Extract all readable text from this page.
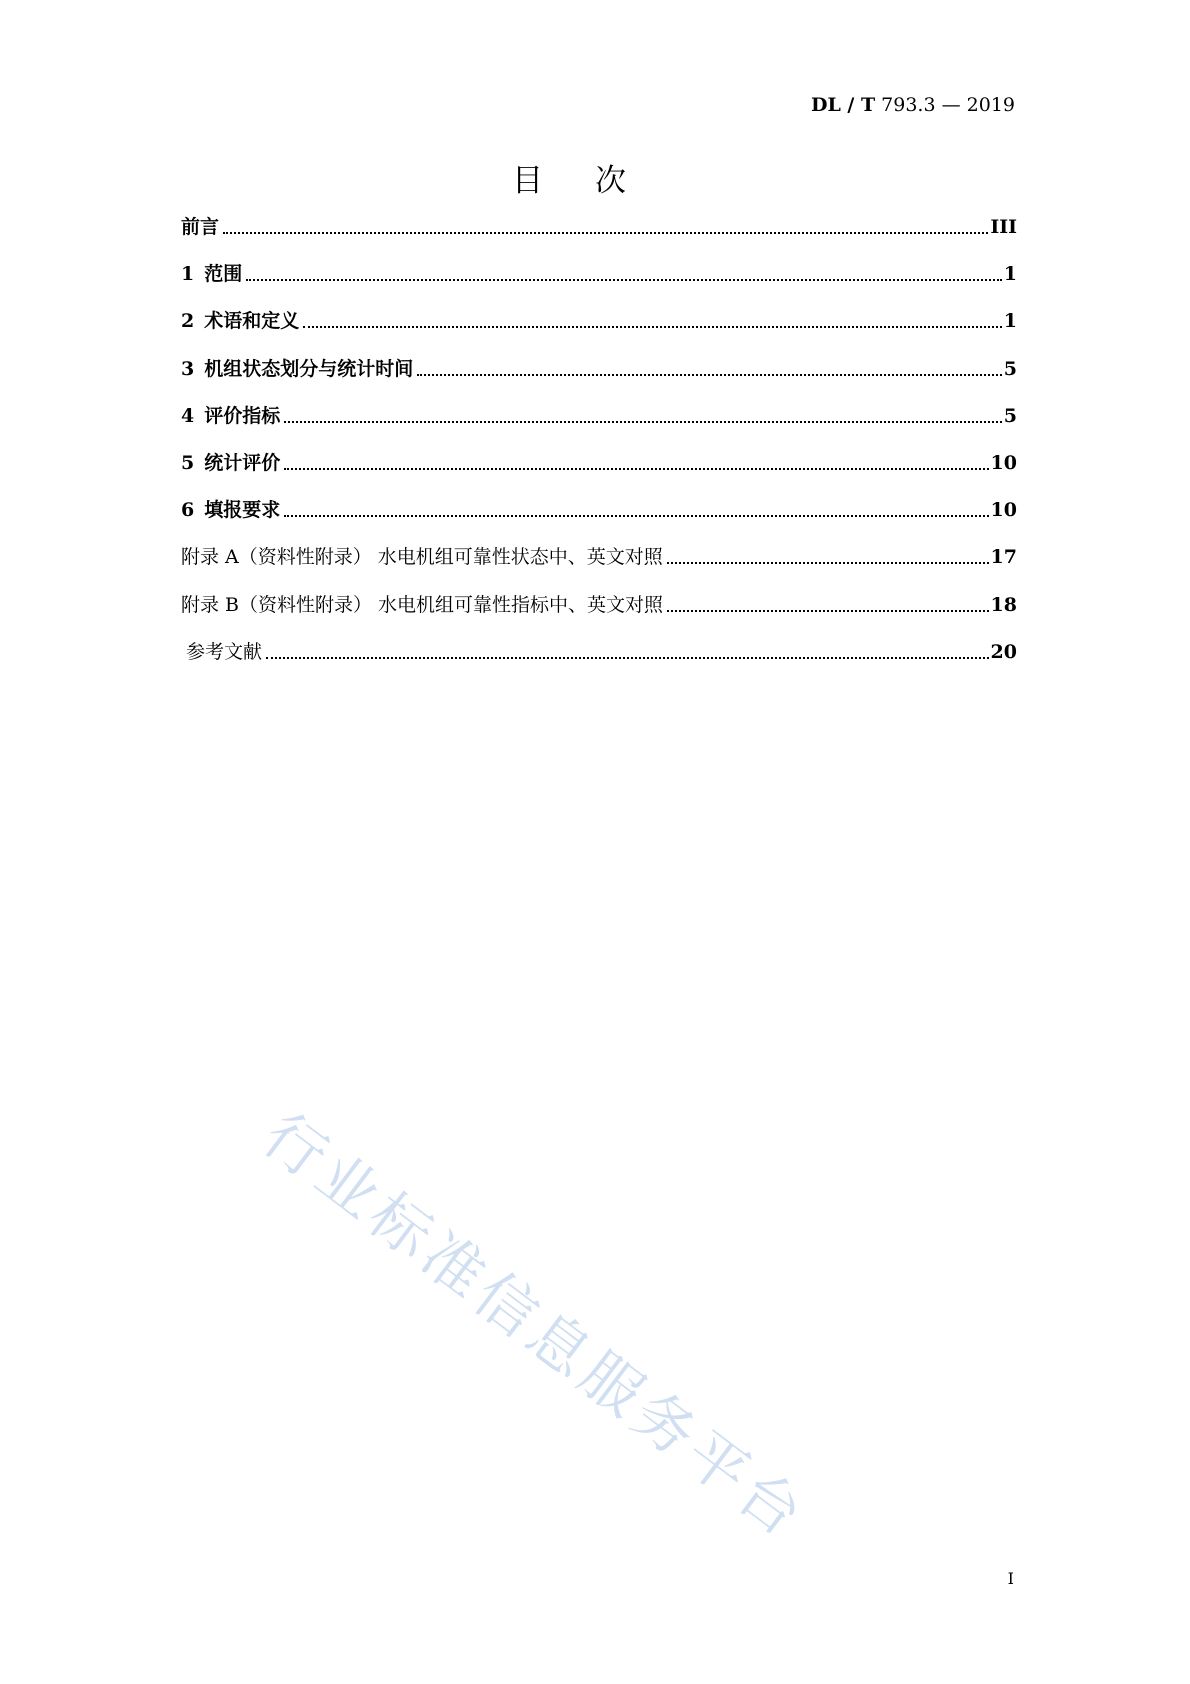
DL / T 793.3 — 2019
目次
前言	III
1 范围	1
2 术语和定义	1
3 机组状态划分与统计时间	5
4 评价指标	5
5 统计评价	10
6 填报要求	10
附录 A（资料性附录） 水电机组可靠性状态中、英文对照	17
附录 B（资料性附录） 水电机组可靠性指标中、英文对照	18
参考文献	20
行业标准信息服务平台
I
